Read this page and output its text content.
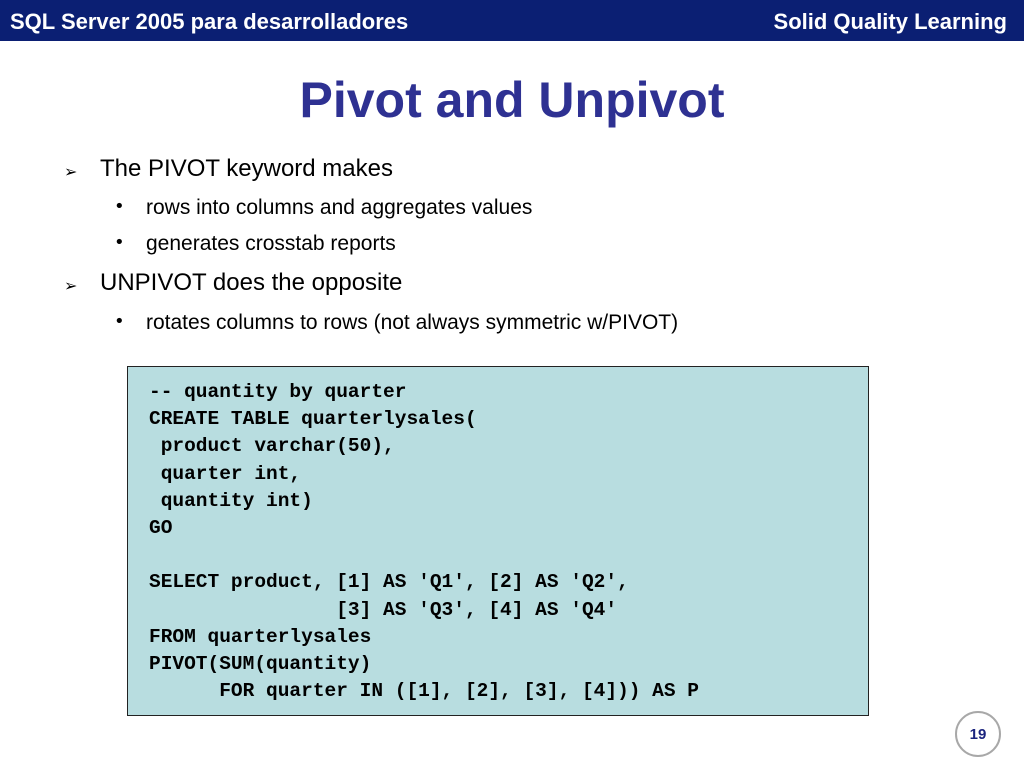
SQL Server 2005 para desarrolladores	Solid Quality Learning
Pivot and Unpivot
➢ The PIVOT keyword makes
• rows into columns and aggregates values
• generates crosstab reports
➢ UNPIVOT does the opposite
• rotates columns to rows (not always symmetric w/PIVOT)
-- quantity by quarter
CREATE TABLE quarterlysales(
product varchar(50),
quarter int,
quantity int)
GO
SELECT product, [1] AS 'Q1', [2] AS 'Q2',
[3] AS 'Q3', [4] AS 'Q4'
FROM quarterlysales
PIVOT(SUM(quantity)
FOR quarter IN ([1], [2], [3], [4])) AS P
19
